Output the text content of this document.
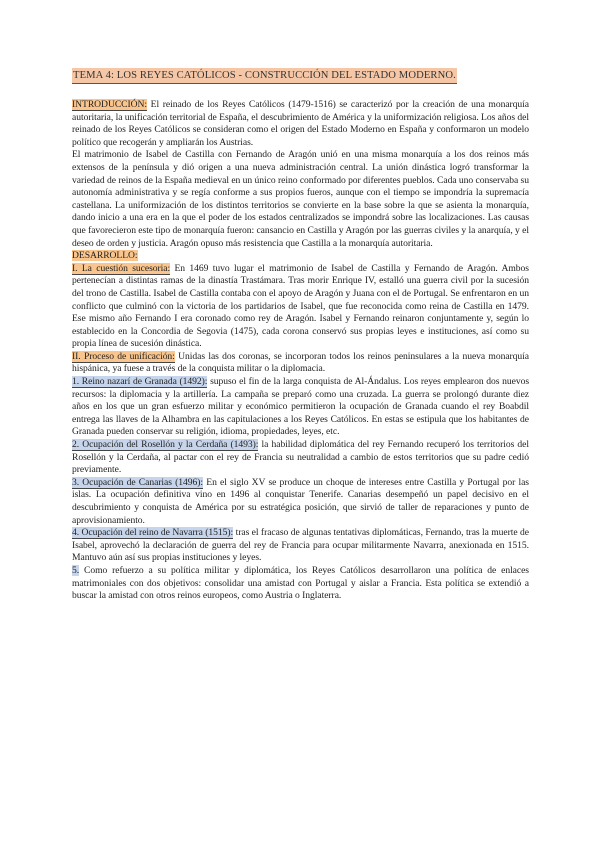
TEMA 4: LOS REYES CATÓLICOS - CONSTRUCCIÓN DEL ESTADO MODERNO.

INTRODUCCIÓN: El reinado de los Reyes Católicos (1479-1516) se caracterizó por la creación de una monarquía autoritaria, la unificación territorial de España, el descubrimiento de América y la uniformización religiosa. Los años del reinado de los Reyes Católicos se consideran como el origen del Estado Moderno en España y conformaron un modelo político que recogerán y ampliarán los Austrias.

El matrimonio de Isabel de Castilla con Fernando de Aragón unió en una misma monarquía a los dos reinos más extensos de la península y dió origen a una nueva administración central. La unión dinástica logró transformar la variedad de reinos de la España medieval en un único reino conformado por diferentes pueblos. Cada uno conservaba su autonomía administrativa y se regía conforme a sus propios fueros, aunque con el tiempo se impondría la supremacía castellana. La uniformización de los distintos territorios se convierte en la base sobre la que se asienta la monarquía, dando inicio a una era en la que el poder de los estados centralizados se impondrá sobre las localizaciones. Las causas que favorecieron este tipo de monarquía fueron: cansancio en Castilla y Aragón por las guerras civiles y la anarquía, y el deseo de orden y justicia. Aragón opuso más resistencia que Castilla a la monarquía autoritaria.

DESARROLLO:

I. La cuestión sucesoria: En 1469 tuvo lugar el matrimonio de Isabel de Castilla y Fernando de Aragón. Ambos pertenecían a distintas ramas de la dinastía Trastámara. Tras morir Enrique IV, estalló una guerra civil por la sucesión del trono de Castilla. Isabel de Castilla contaba con el apoyo de Aragón y Juana con el de Portugal. Se enfrentaron en un conflicto que culminó con la victoria de los partidarios de Isabel, que fue reconocida como reina de Castilla en 1479. Ese mismo año Fernando I era coronado como rey de Aragón. Isabel y Fernando reinaron conjuntamente y, según lo establecido en la Concordia de Segovia (1475), cada corona conservó sus propias leyes e instituciones, así como su propia línea de sucesión dinástica.

II. Proceso de unificación: Unidas las dos coronas, se incorporan todos los reinos peninsulares a la nueva monarquía hispánica, ya fuese a través de la conquista militar o la diplomacia.

1. Reino nazarí de Granada (1492): supuso el fin de la larga conquista de Al-Ándalus. Los reyes emplearon dos nuevos recursos: la diplomacia y la artillería. La campaña se preparó como una cruzada. La guerra se prolongó durante diez años en los que un gran esfuerzo militar y económico permitieron la ocupación de Granada cuando el rey Boabdil entrega las llaves de la Alhambra en las capitulaciones a los Reyes Católicos. En estas se estipula que los habitantes de Granada pueden conservar su religión, idioma, propiedades, leyes, etc.

2. Ocupación del Rosellón y la Cerdaña (1493): la habilidad diplomática del rey Fernando recuperó los territorios del Rosellón y la Cerdaña, al pactar con el rey de Francia su neutralidad a cambio de estos territorios que su padre cedió previamente.

3. Ocupación de Canarias (1496): En el siglo XV se produce un choque de intereses entre Castilla y Portugal por las islas. La ocupación definitiva vino en 1496 al conquistar Tenerife. Canarias desempeñó un papel decisivo en el descubrimiento y conquista de América por su estratégica posición, que sirvió de taller de reparaciones y punto de aprovisionamiento.

4. Ocupación del reino de Navarra (1515): tras el fracaso de algunas tentativas diplomáticas, Fernando, tras la muerte de Isabel, aprovechó la declaración de guerra del rey de Francia para ocupar militarmente Navarra, anexionada en 1515. Mantuvo aún así sus propias instituciones y leyes.

5. Como refuerzo a su política militar y diplomática, los Reyes Católicos desarrollaron una política de enlaces matrimoniales con dos objetivos: consolidar una amistad con Portugal y aislar a Francia. Esta política se extendió a buscar la amistad con otros reinos europeos, como Austria o Inglaterra.
